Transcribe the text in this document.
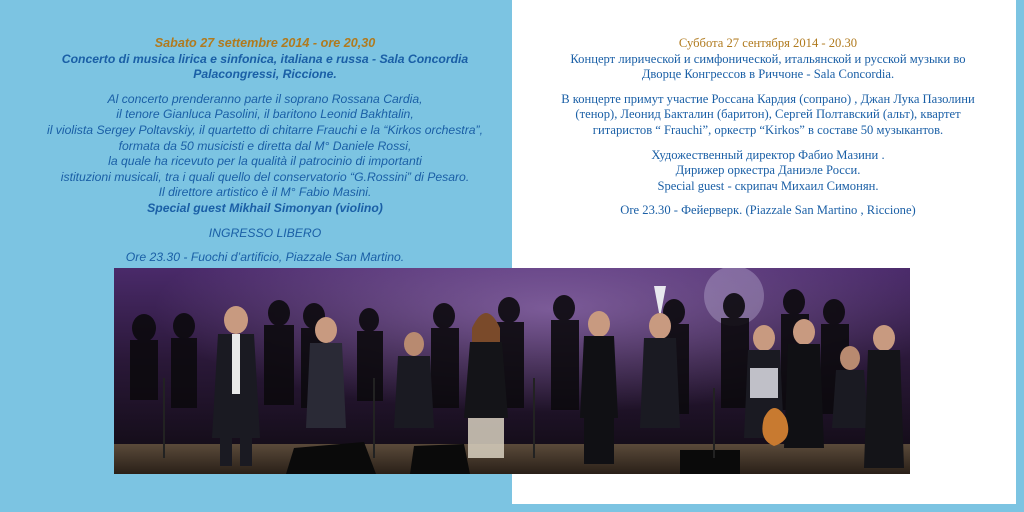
Sabato 27 settembre 2014 - ore 20,30

Concerto di musica lirica e sinfonica, italiana e russa - Sala Concordia

Palacongressi, Riccione.

Al concerto prenderanno parte il soprano Rossana Cardia,

il tenore Gianluca Pasolini, il baritono Leonid Bakhtalin,

il violista Sergey Poltavskiy, il quartetto di chitarre Frauchi e la “Kirkos orchestra”,

formata da 50 musicisti e diretta dal M° Daniele Rossi,

la quale ha ricevuto per la qualità il patrocinio di importanti

istituzioni musicali, tra i quali quello del conservatorio “G.Rossini” di Pesaro.

Il direttore artistico è il M° Fabio Masini.

Special guest Mikhail Simonyan (violino)

INGRESSO LIBERO

Ore 23.30 - Fuochi d’artificio, Piazzale San Martino.

Суббота 27 сентября 2014 - 20.30

Концерт лирической и симфонической, итальянской и русской музыки во

Дворце Конгрессов в Риччоне - Sala Concordia.

В концерте примут участие Россана Кардия (сопрано) , Джан Лука Пазолини

(тенор), Леонид Бакталин (баритон), Сергей Полтавский (альт), квартет

гитаристов “ Frauchi”, оркестр “Kirkos” в составе 50 музыкантов.

Художественный директор Фабио Мазини .

Дирижер оркестра Даниэле Росси.

Special guest - скрипач Михаил Симонян.

Ore 23.30 - Фейерверк. (Piazzale San Martino , Riccione)
